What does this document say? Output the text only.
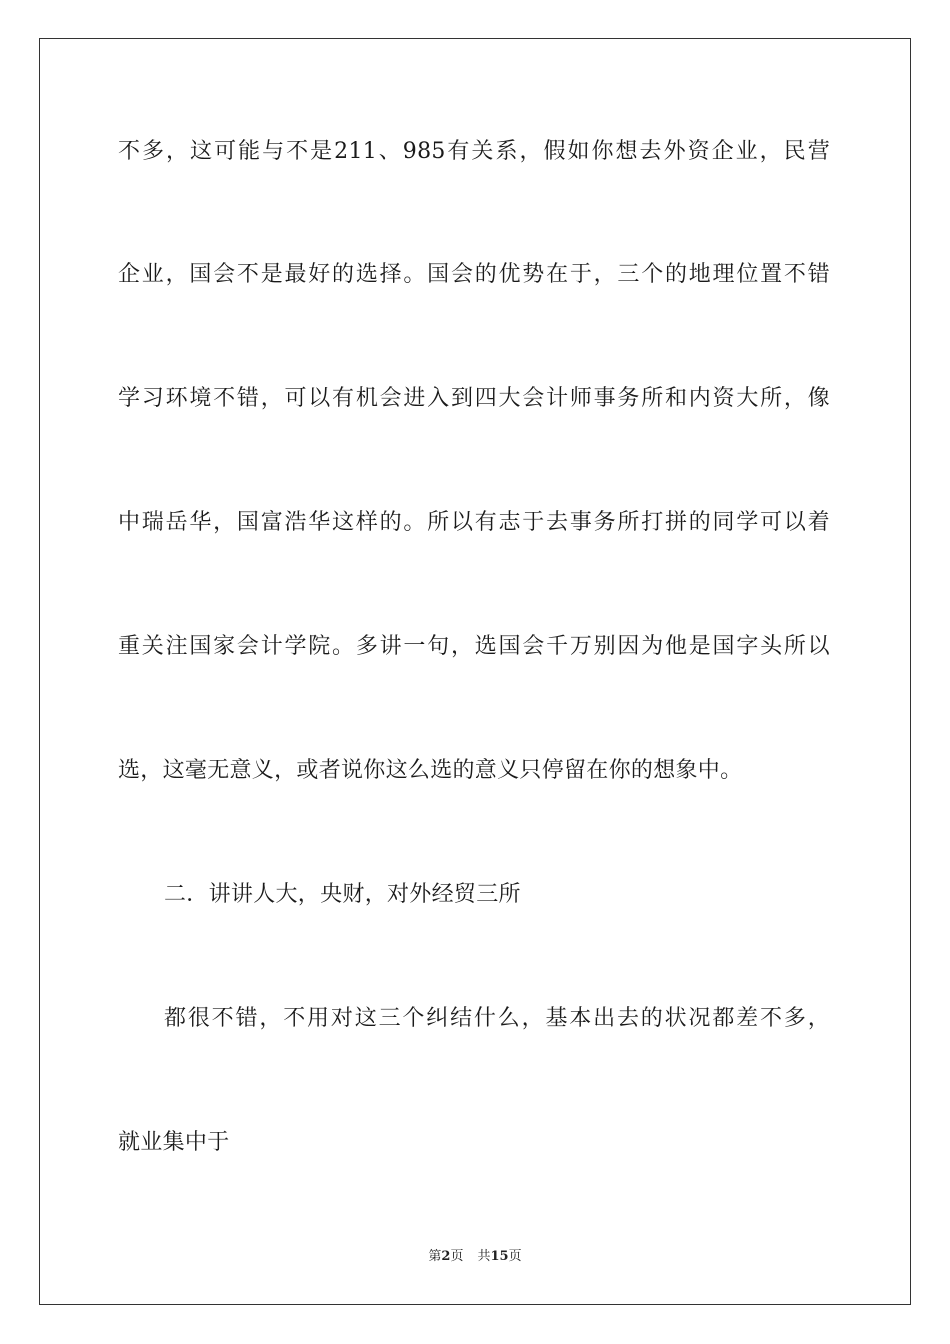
不多，这可能与不是211、985有关系，假如你想去外资企业，民营
企业，国会不是最好的选择。国会的优势在于，三个的地理位置不错
学习环境不错，可以有机会进入到四大会计师事务所和内资大所，像
中瑞岳华，国富浩华这样的。所以有志于去事务所打拼的同学可以着
重关注国家会计学院。多讲一句，选国会千万别因为他是国字头所以
选，这毫无意义，或者说你这么选的意义只停留在你的想象中。
二．讲讲人大，央财，对外经贸三所
都很不错，不用对这三个纠结什么，基本出去的状况都差不多，
就业集中于
第2页 共15页
